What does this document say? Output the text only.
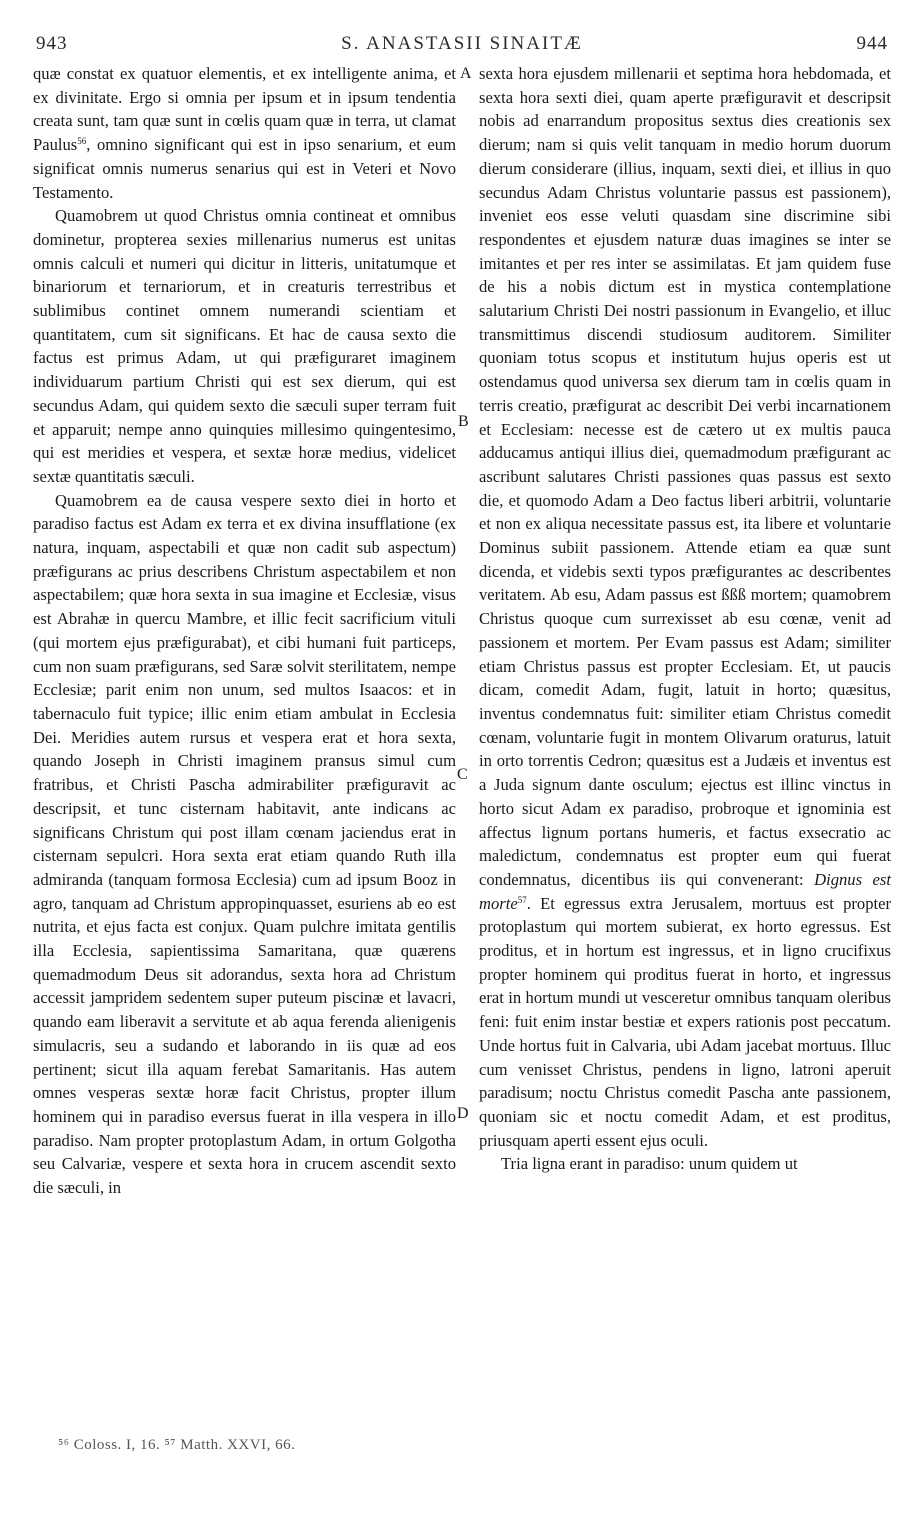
943	S. ANASTASII SINAITÆ	944

quæ constat ex quatuor elementis, et ex intelligente anima, et ex divinitate. Ergo si omnia per ipsum et in ipsum tendentia creata sunt, tam quæ sunt in cœlis quam quæ in terra, ut clamat Paulus$^{56}$, omnino significant qui est in ipso senarium, et eum significat omnis numerus senarius qui est in Veteri et Novo Testamento.

Quamobrem ut quod Christus omnia contineat et omnibus dominetur, propterea sexies millenarius numerus est unitas omnis calculi et numeri qui dicitur in litteris, unitatumque et binariorum et ternariorum, et in creaturis terrestribus et sublimibus continet omnem numerandi scientiam et quantitatem, cum sit significans. Et hac de causa sexto die factus est primus Adam, ut qui præfiguraret imaginem individuarum partium Christi qui est sex dierum, qui est secundus Adam, qui quidem sexto die sæculi super terram fuit et apparuit; nempe anno quinquies millesimo quingentesimo, qui est meridies et vespera, et sextæ horæ medius, videlicet sextæ quantitatis sæculi.

Quamobrem ea de causa vespere sexto diei in horto et paradiso factus est Adam ex terra et ex divina insufflatione (ex natura, inquam, aspectabili et quæ non cadit sub aspectum) præfigurans ac prius describens Christum aspectabilem et non aspectabilem; quæ hora sexta in sua imagine et Ecclesiæ, visus est Abrahæ in quercu Mambre, et illic fecit sacrificium vituli (qui mortem ejus præfigurabat), et cibi humani fuit particeps, cum non suam præfigurans, sed Saræ solvit sterilitatem, nempe Ecclesiæ; parit enim non unum, sed multos Isaacos: et in tabernaculo fuit typice; illic enim etiam ambulat in Ecclesia Dei. Meridies autem rursus et vespera erat et hora sexta, quando Joseph in Christi imaginem pransus simul cum fratribus, et Christi Pascha admirabiliter præfiguravit ac descripsit, et tunc cisternam habitavit, ante indicans ac significans Christum qui post illam cœnam jaciendus erat in cisternam sepulcri. Hora sexta erat etiam quando Ruth illa admiranda (tanquam formosa Ecclesia) cum ad ipsum Booz in agro, tanquam ad Christum appropinquasset, esuriens ab eo est nutrita, et ejus facta est conjux. Quam pulchre imitata gentilis illa Ecclesia, sapientissima Samaritana, quæ quærens quemadmodum Deus sit adorandus, sexta hora ad Christum accessit jampridem sedentem super puteum piscinæ et lavacri, quando eam liberavit a servitute et ab aqua ferenda alienigenis simulacris, seu a sudando et laborando in iis quæ ad eos pertinent; sicut illa aquam ferebat Samaritanis. Has autem omnes vesperas sextæ horæ facit Christus, propter illum hominem qui in paradiso eversus fuerat in illa vespera in illo paradiso. Nam propter protoplastum Adam, in ortum Golgotha seu Calvariæ, vespere et sexta hora in crucem ascendit sexto die sæculi, in

A
B
C
D

sexta hora ejusdem millenarii et septima hora hebdomada, et sexta hora sexti diei, quam aperte præfiguravit et descripsit nobis ad enarrandum propositus sextus dies creationis sex dierum; nam si quis velit tanquam in medio horum duorum dierum considerare (illius, inquam, sexti diei, et illius in quo secundus Adam Christus voluntarie passus est passionem), inveniet eos esse veluti quasdam sine discrimine sibi respondentes et ejusdem naturæ duas imagines se inter se imitantes et per res inter se assimilatas. Et jam quidem fuse de his a nobis dictum est in mystica contemplatione salutarium Christi Dei nostri passionum in Evangelio, et illuc transmittimus discendi studiosum auditorem. Similiter quoniam totus scopus et institutum hujus operis est ut ostendamus quod universa sex dierum tam in cœlis quam in terris creatio, præfigurat ac describit Dei verbi incarnationem et Ecclesiam: necesse est de cætero ut ex multis pauca adducamus antiqui illius diei, quemadmodum præfigurant ac ascribunt salutares Christi passiones quas passus est sexto die, et quomodo Adam a Deo factus liberi arbitrii, voluntarie et non ex aliqua necessitate passus est, ita libere et voluntarie Dominus subiit passionem. Attende etiam ea quæ sunt dicenda, et videbis sexti typos præfigurantes ac describentes veritatem. Ab esu, Adam passus est ßßß mortem; quamobrem Christus quoque cum surrexisset ab esu cœnæ, venit ad passionem et mortem. Per Evam passus est Adam; similiter etiam Christus passus est propter Ecclesiam. Et, ut paucis dicam, comedit Adam, fugit, latuit in horto; quæsitus, inventus condemnatus fuit: similiter etiam Christus comedit cœnam, voluntarie fugit in montem Olivarum oraturus, latuit in orto torrentis Cedron; quæsitus est a Judæis et inventus est a Juda signum dante osculum; ejectus est illinc vinctus in horto sicut Adam ex paradiso, probroque et ignominia est affectus lignum portans humeris, et factus exsecratio ac maledictum, condemnatus est propter eum qui fuerat condemnatus, dicentibus iis qui convenerant: Dignus est morte$^{57}$. Et egressus extra Jerusalem, mortuus est propter protoplastum qui mortem subierat, ex horto egressus. Est proditus, et in hortum est ingressus, et in ligno crucifixus propter hominem qui proditus fuerat in horto, et ingressus erat in hortum mundi ut vesceretur omnibus tanquam oleribus feni: fuit enim instar bestiæ et expers rationis post peccatum. Unde hortus fuit in Calvaria, ubi Adam jacebat mortuus. Illuc cum venisset Christus, pendens in ligno, latroni aperuit paradisum; noctu Christus comedit Pascha ante passionem, quoniam sic et noctu comedit Adam, et est proditus, priusquam aperti essent ejus oculi.

Tria ligna erant in paradiso: unum quidem ut

⁵⁶ Coloss. I, 16. ⁵⁷ Matth. XXVI, 66.
